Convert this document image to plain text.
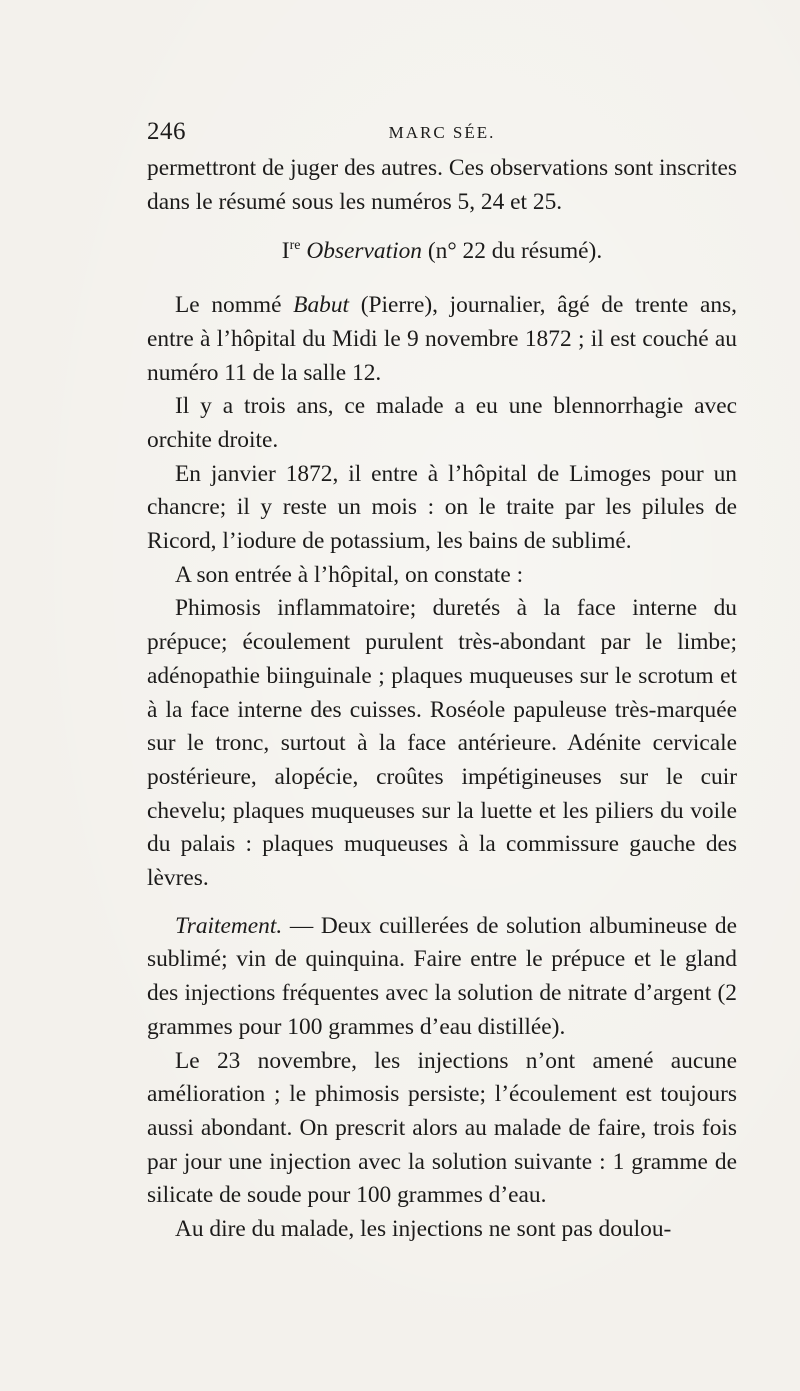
246	MARC SÉE.

permettront de juger des autres. Ces observations sont inscrites dans le résumé sous les numéros 5, 24 et 25.

Ire Observation (n° 22 du résumé).

Le nommé Babut (Pierre), journalier, âgé de trente ans, entre à l’hôpital du Midi le 9 novembre 1872 ; il est couché au numéro 11 de la salle 12.

Il y a trois ans, ce malade a eu une blennorrhagie avec orchite droite.

En janvier 1872, il entre à l’hôpital de Limoges pour un chancre; il y reste un mois : on le traite par les pilules de Ricord, l’iodure de potassium, les bains de sublimé.

A son entrée à l’hôpital, on constate :

Phimosis inflammatoire; duretés à la face interne du prépuce; écoulement purulent très-abondant par le limbe; adénopathie biinguinale ; plaques muqueuses sur le scrotum et à la face interne des cuisses. Roséole papuleuse très-marquée sur le tronc, surtout à la face antérieure. Adénite cervicale postérieure, alopécie, croûtes impétigineuses sur le cuir chevelu; plaques muqueuses sur la luette et les piliers du voile du palais : plaques muqueuses à la commissure gauche des lèvres.

Traitement. — Deux cuillerées de solution albumineuse de sublimé; vin de quinquina. Faire entre le prépuce et le gland des injections fréquentes avec la solution de nitrate d’argent (2 grammes pour 100 grammes d’eau distillée).

Le 23 novembre, les injections n’ont amené aucune amélioration ; le phimosis persiste; l’écoulement est toujours aussi abondant. On prescrit alors au malade de faire, trois fois par jour une injection avec la solution suivante : 1 gramme de silicate de soude pour 100 grammes d’eau.

Au dire du malade, les injections ne sont pas doulou-
